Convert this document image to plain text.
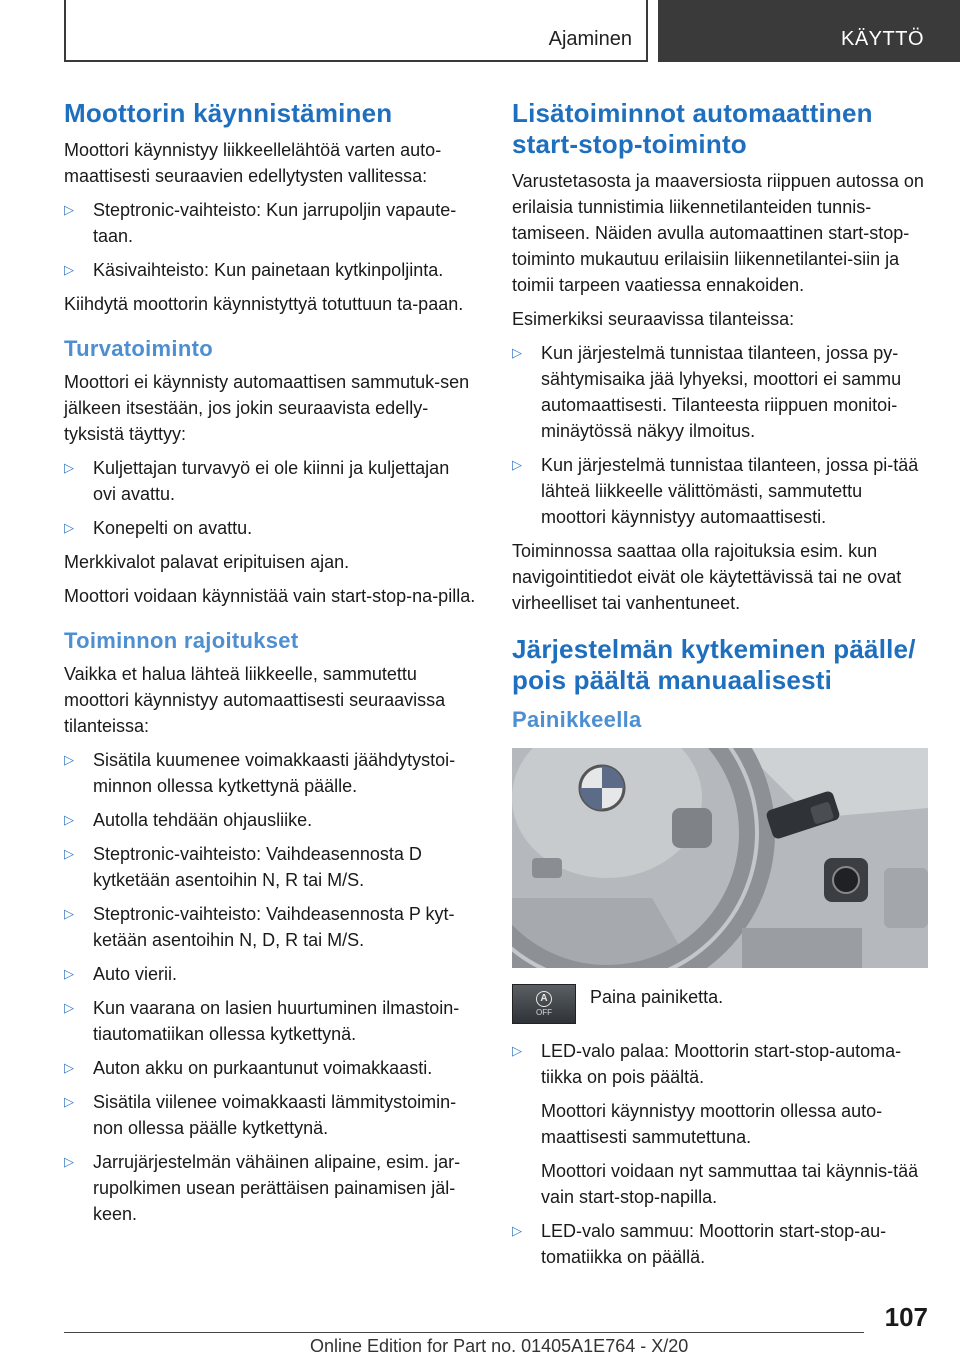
Ajaminen	KÄYTTÖ
Moottorin käynnistäminen

Moottori käynnistyy liikkeellelähtöä varten auto-maattisesti seuraavien edellytysten vallitessa:

▷ Steptronic-vaihteisto: Kun jarrupoljin vapaute-taan.
▷ Käsivaihteisto: Kun painetaan kytkinpoljinta.

Kiihdytä moottorin käynnistyttyä totuttuun ta-paan.

Turvatoiminto

Moottori ei käynnisty automaattisen sammutuk-sen jälkeen itsestään, jos jokin seuraavista edelly-tyksistä täyttyy:

▷ Kuljettajan turvavyö ei ole kiinni ja kuljettajan ovi avattu.
▷ Konepelti on avattu.

Merkkivalot palavat eripituisen ajan.

Moottori voidaan käynnistää vain start-stop-na-pilla.

Toiminnon rajoitukset

Vaikka et halua lähteä liikkeelle, sammutettu moottori käynnistyy automaattisesti seuraavissa tilanteissa:

▷ Sisätila kuumenee voimakkaasti jäähdytystoi-minnon ollessa kytkettynä päälle.
▷ Autolla tehdään ohjausliike.
▷ Steptronic-vaihteisto: Vaihdeasennosta D kytketään asentoihin N, R tai M/S.
▷ Steptronic-vaihteisto: Vaihdeasennosta P kyt-ketään asentoihin N, D, R tai M/S.
▷ Auto vierii.
▷ Kun vaarana on lasien huurtuminen ilmastoin-tiautomatiikan ollessa kytkettynä.
▷ Auton akku on purkaantunut voimakkaasti.
▷ Sisätila viilenee voimakkaasti lämmitystoimin-non ollessa päälle kytkettynä.
▷ Jarrujärjestelmän vähäinen alipaine, esim. jar-rupolkimen usean perättäisen painamisen jäl-keen.
Lisätoiminnot automaattinen start-stop-toiminto

Varustetasosta ja maaversiosta riippuen autossa on erilaisia tunnistimia liikennetilanteiden tunnis-tamiseen. Näiden avulla automaattinen start-stop-toiminto mukautuu erilaisiin liikennetilantei-siin ja toimii tarpeen vaatiessa ennakoiden.

Esimerkiksi seuraavissa tilanteissa:

▷ Kun järjestelmä tunnistaa tilanteen, jossa py-sähtymisaika jää lyhyeksi, moottori ei sammu automaattisesti. Tilanteesta riippuen monitoi-minäytössä näkyy ilmoitus.
▷ Kun järjestelmä tunnistaa tilanteen, jossa pi-tää lähteä liikkeelle välittömästi, sammutettu moottori käynnistyy automaattisesti.

Toiminnossa saattaa olla rajoituksia esim. kun navigointitiedot eivät ole käytettävissä tai ne ovat virheelliset tai vanhentuneet.

Järjestelmän kytkeminen päälle/ pois päältä manuaalisesti
Painikkeella
A
OFF

Paina painiketta.

▷ LED-valo palaa: Moottorin start-stop-automa-tiikka on pois päältä.
Moottori käynnistyy moottorin ollessa auto-maattisesti sammutettuna.
Moottori voidaan nyt sammuttaa tai käynnis-tää vain start-stop-napilla.
▷ LED-valo sammuu: Moottorin start-stop-au-tomatiikka on päällä.
107
Online Edition for Part no. 01405A1E764 - X/20
